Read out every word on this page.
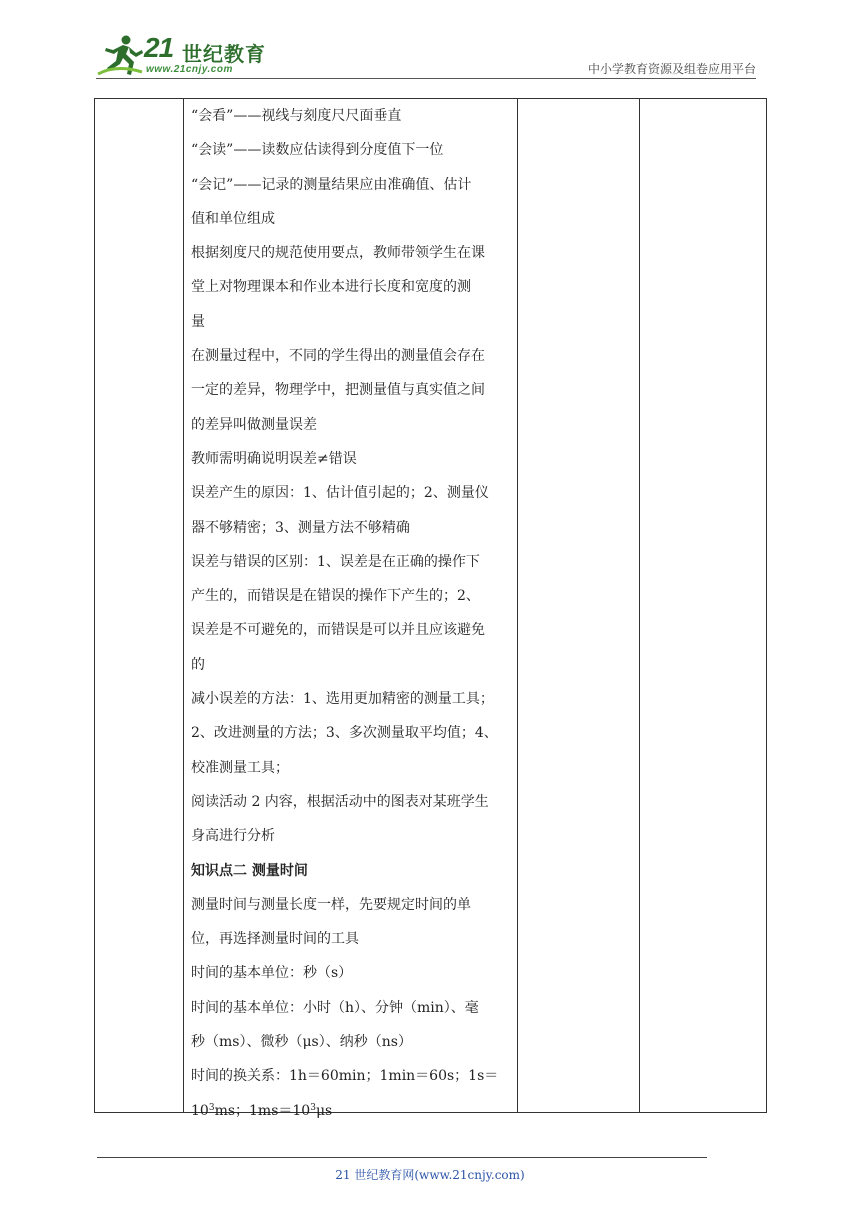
21 世纪教育
www.21cnjy.com	中小学教育资源及组卷应用平台
“会看”——视线与刻度尺尺面垂直
“会读”——读数应估读得到分度值下一位
“会记”——记录的测量结果应由准确值、估计
值和单位组成
根据刻度尺的规范使用要点，教师带领学生在课
堂上对物理课本和作业本进行长度和宽度的测
量
在测量过程中，不同的学生得出的测量值会存在
一定的差异，物理学中，把测量值与真实值之间
的差异叫做测量误差
教师需明确说明误差≠错误
误差产生的原因：1、估计值引起的；2、测量仪
器不够精密；3、测量方法不够精确
误差与错误的区别：1、误差是在正确的操作下
产生的，而错误是在错误的操作下产生的；2、
误差是不可避免的，而错误是可以并且应该避免
的
减小误差的方法：1、选用更加精密的测量工具；
2、改进测量的方法；3、多次测量取平均值；4、
校准测量工具；
阅读活动 2 内容，根据活动中的图表对某班学生
身高进行分析
知识点二 测量时间
测量时间与测量长度一样，先要规定时间的单
位，再选择测量时间的工具
时间的基本单位：秒（s）
时间的基本单位：小时（h）、分钟（min）、毫
秒（ms）、微秒（μs）、纳秒（ns）
时间的换关系：1h＝60min；1min＝60s；1s＝
$10^3ms$；$1ms=10^3\mu s$
21 世纪教育网(www.21cnjy.com)
